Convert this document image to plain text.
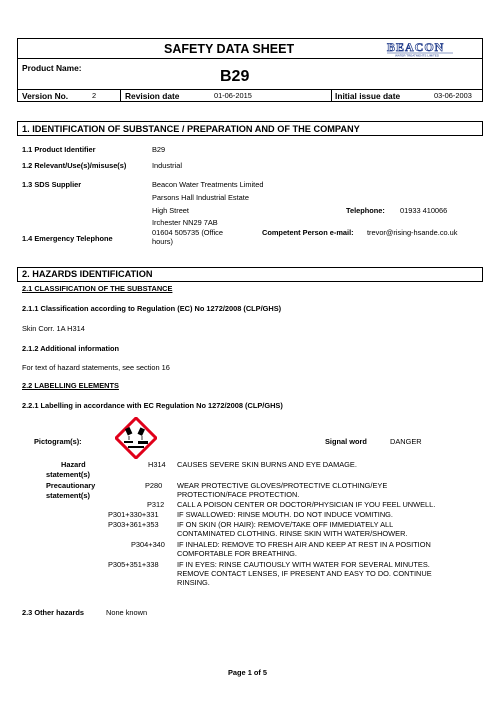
SAFETY DATA SHEET	BEACON
WATER TREATMENTS LIMITED
Product Name:	B29
Version No.	2	Revision date	01-06-2015	Initial issue date	03-06-2003
1. IDENTIFICATION OF SUBSTANCE / PREPARATION AND OF THE COMPANY
1.1 Product Identifier	B29
1.2 Relevant/Use(s)/misuse(s)	Industrial
1.3 SDS Supplier	Beacon Water Treatments Limited
Parsons Hall Industrial Estate
High Street
Irchester NN29 7AB
Telephone: 01933 410066
1.4 Emergency Telephone
01604 505735 (Office
hours)
Competent Person e-mail: trevor@rising-hsande.co.uk
2. HAZARDS IDENTIFICATION
2.1 CLASSIFICATION OF THE SUBSTANCE
2.1.1 Classification according to Regulation (EC) No 1272/2008 (CLP/GHS)
Skin Corr. 1A H314
2.1.2 Additional information
For text of hazard statements, see section 16
2.2 LABELLING ELEMENTS
2.2.1 Labelling in accordance with EC Regulation No 1272/2008 (CLP/GHS)
Pictogram(s):	Signal word	DANGER
Hazard
statement(s)
H314 CAUSES SEVERE SKIN BURNS AND EYE DAMAGE.
Precautionary
statement(s)
P280 WEAR PROTECTIVE GLOVES/PROTECTIVE CLOTHING/EYE
PROTECTION/FACE PROTECTION.
P312 CALL A POISON CENTER OR DOCTOR/PHYSICIAN IF YOU FEEL UNWELL.
P301+330+331 IF SWALLOWED: RINSE MOUTH. DO NOT INDUCE VOMITING.
P303+361+353 IF ON SKIN (OR HAIR): REMOVE/TAKE OFF IMMEDIATELY ALL
CONTAMINATED CLOTHING. RINSE SKIN WITH WATER/SHOWER.
P304+340 IF INHALED: REMOVE TO FRESH AIR AND KEEP AT REST IN A POSITION
COMFORTABLE FOR BREATHING.
P305+351+338 IF IN EYES: RINSE CAUTIOUSLY WITH WATER FOR SEVERAL MINUTES.
REMOVE CONTACT LENSES, IF PRESENT AND EASY TO DO. CONTINUE
RINSING.
2.3 Other hazards	None known
Page 1 of 5
